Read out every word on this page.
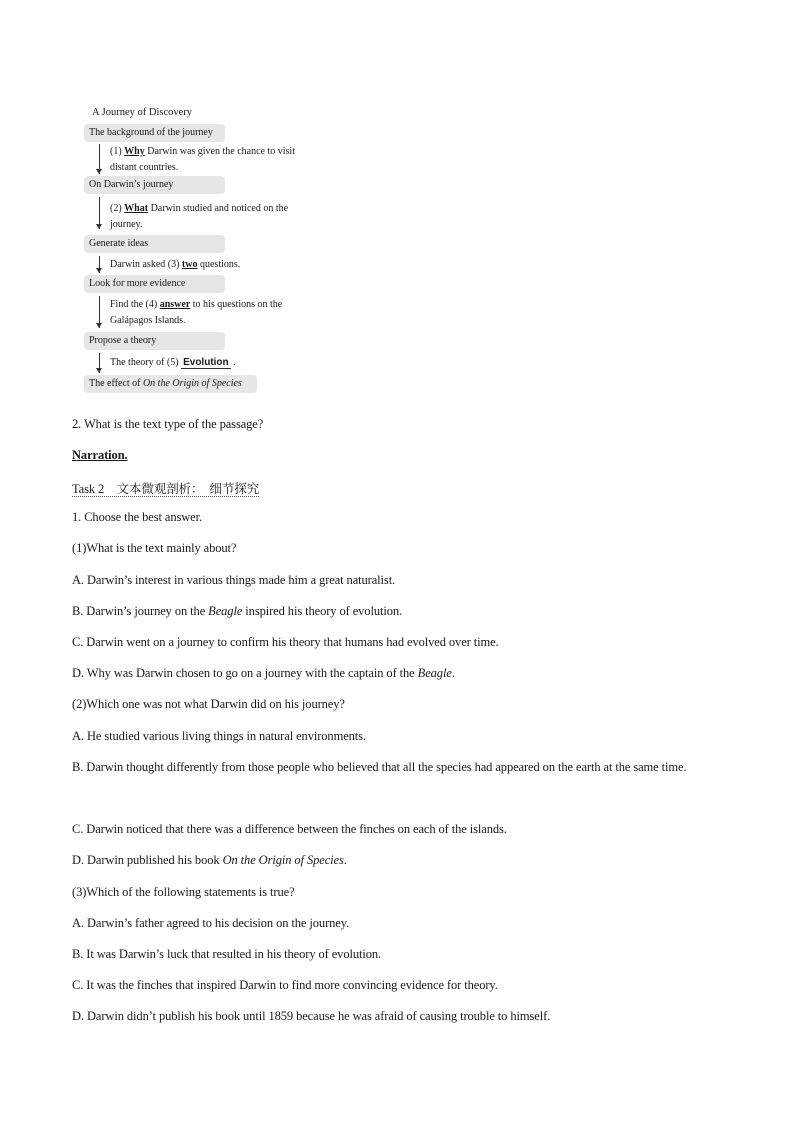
A Journey of Discovery
The background of the journey
(1) Why Darwin was given the chance to visit distant countries.
On Darwin’s journey
(2) What Darwin studied and noticed on the journey.
Generate ideas
Darwin asked (3) two questions.
Look for more evidence
Find the (4) answer to his questions on the Galápagos Islands.
Propose a theory
The theory of (5) Evolution .
The effect of On the Origin of Species
2. What is the text type of the passage?
Narration.
Task 2　文本微观剖析：　细节探究
1. Choose the best answer.
(1)What is the text mainly about?
A. Darwin’s interest in various things made him a great naturalist.
B. Darwin’s journey on the Beagle inspired his theory of evolution.
C. Darwin went on a journey to confirm his theory that humans had evolved over time.
D. Why was Darwin chosen to go on a journey with the captain of the Beagle.
(2)Which one was not what Darwin did on his journey?
A. He studied various living things in natural environments.
B. Darwin thought differently from those people who believed that all the species had appeared on the earth at the same time.
C. Darwin noticed that there was a difference between the finches on each of the islands.
D. Darwin published his book On the Origin of Species.
(3)Which of the following statements is true?
A. Darwin’s father agreed to his decision on the journey.
B. It was Darwin’s luck that resulted in his theory of evolution.
C. It was the finches that inspired Darwin to find more convincing evidence for theory.
D. Darwin didn’t publish his book until 1859 because he was afraid of causing trouble to himself.
